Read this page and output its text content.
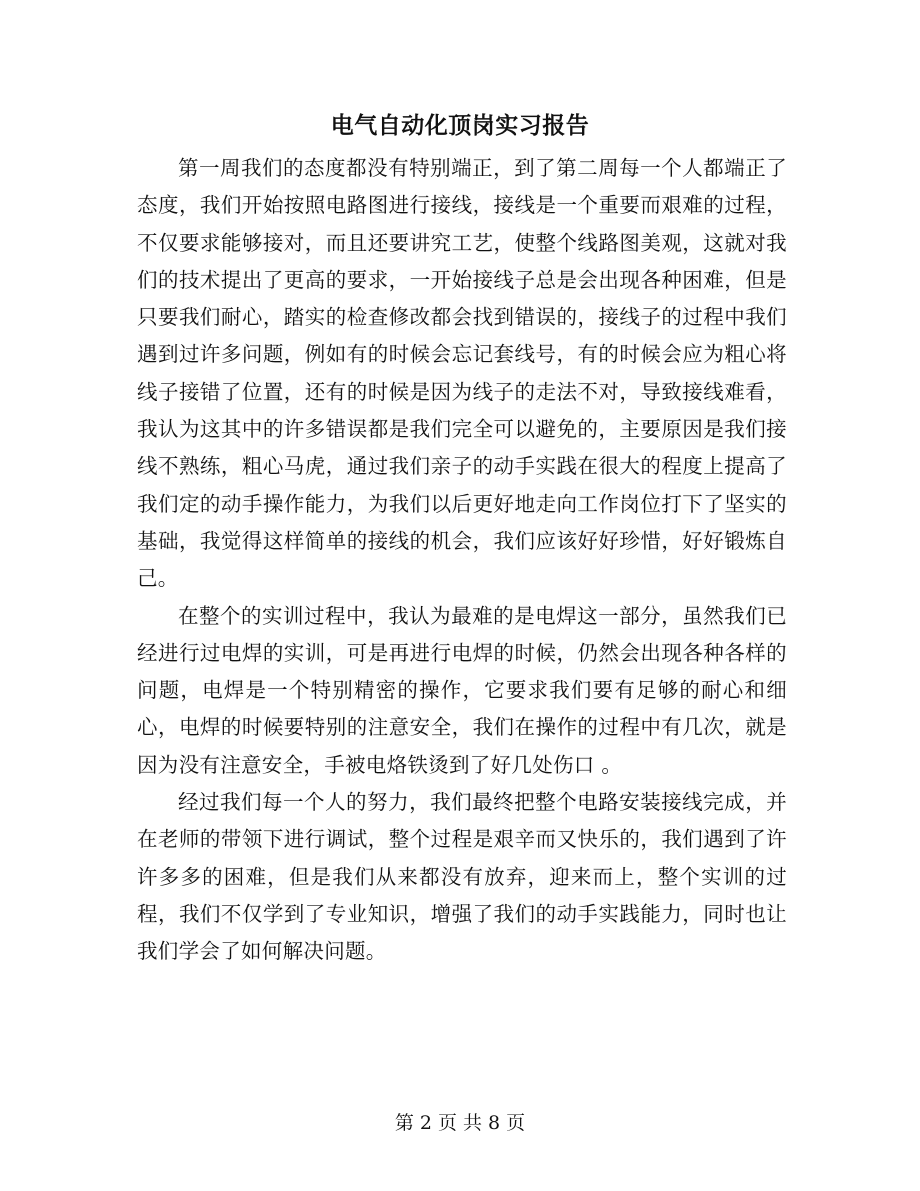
电气自动化顶岗实习报告

第一周我们的态度都没有特别端正，到了第二周每一个人都端正了态度，我们开始按照电路图进行接线，接线是一个重要而艰难的过程，不仅要求能够接对，而且还要讲究工艺，使整个线路图美观，这就对我们的技术提出了更高的要求，一开始接线子总是会出现各种困难，但是只要我们耐心，踏实的检查修改都会找到错误的，接线子的过程中我们遇到过许多问题，例如有的时候会忘记套线号，有的时候会应为粗心将线子接错了位置，还有的时候是因为线子的走法不对，导致接线难看，我认为这其中的许多错误都是我们完全可以避免的，主要原因是我们接线不熟练，粗心马虎，通过我们亲子的动手实践在很大的程度上提高了我们定的动手操作能力，为我们以后更好地走向工作岗位打下了坚实的基础，我觉得这样简单的接线的机会，我们应该好好珍惜，好好锻炼自己。

在整个的实训过程中，我认为最难的是电焊这一部分，虽然我们已经进行过电焊的实训，可是再进行电焊的时候，仍然会出现各种各样的问题，电焊是一个特别精密的操作，它要求我们要有足够的耐心和细心，电焊的时候要特别的注意安全，我们在操作的过程中有几次，就是因为没有注意安全，手被电烙铁烫到了好几处伤口 。

经过我们每一个人的努力，我们最终把整个电路安装接线完成，并在老师的带领下进行调试，整个过程是艰辛而又快乐的，我们遇到了许许多多的困难，但是我们从来都没有放弃，迎来而上，整个实训的过程，我们不仅学到了专业知识，增强了我们的动手实践能力，同时也让我们学会了如何解决问题。

第 2 页 共 8 页
